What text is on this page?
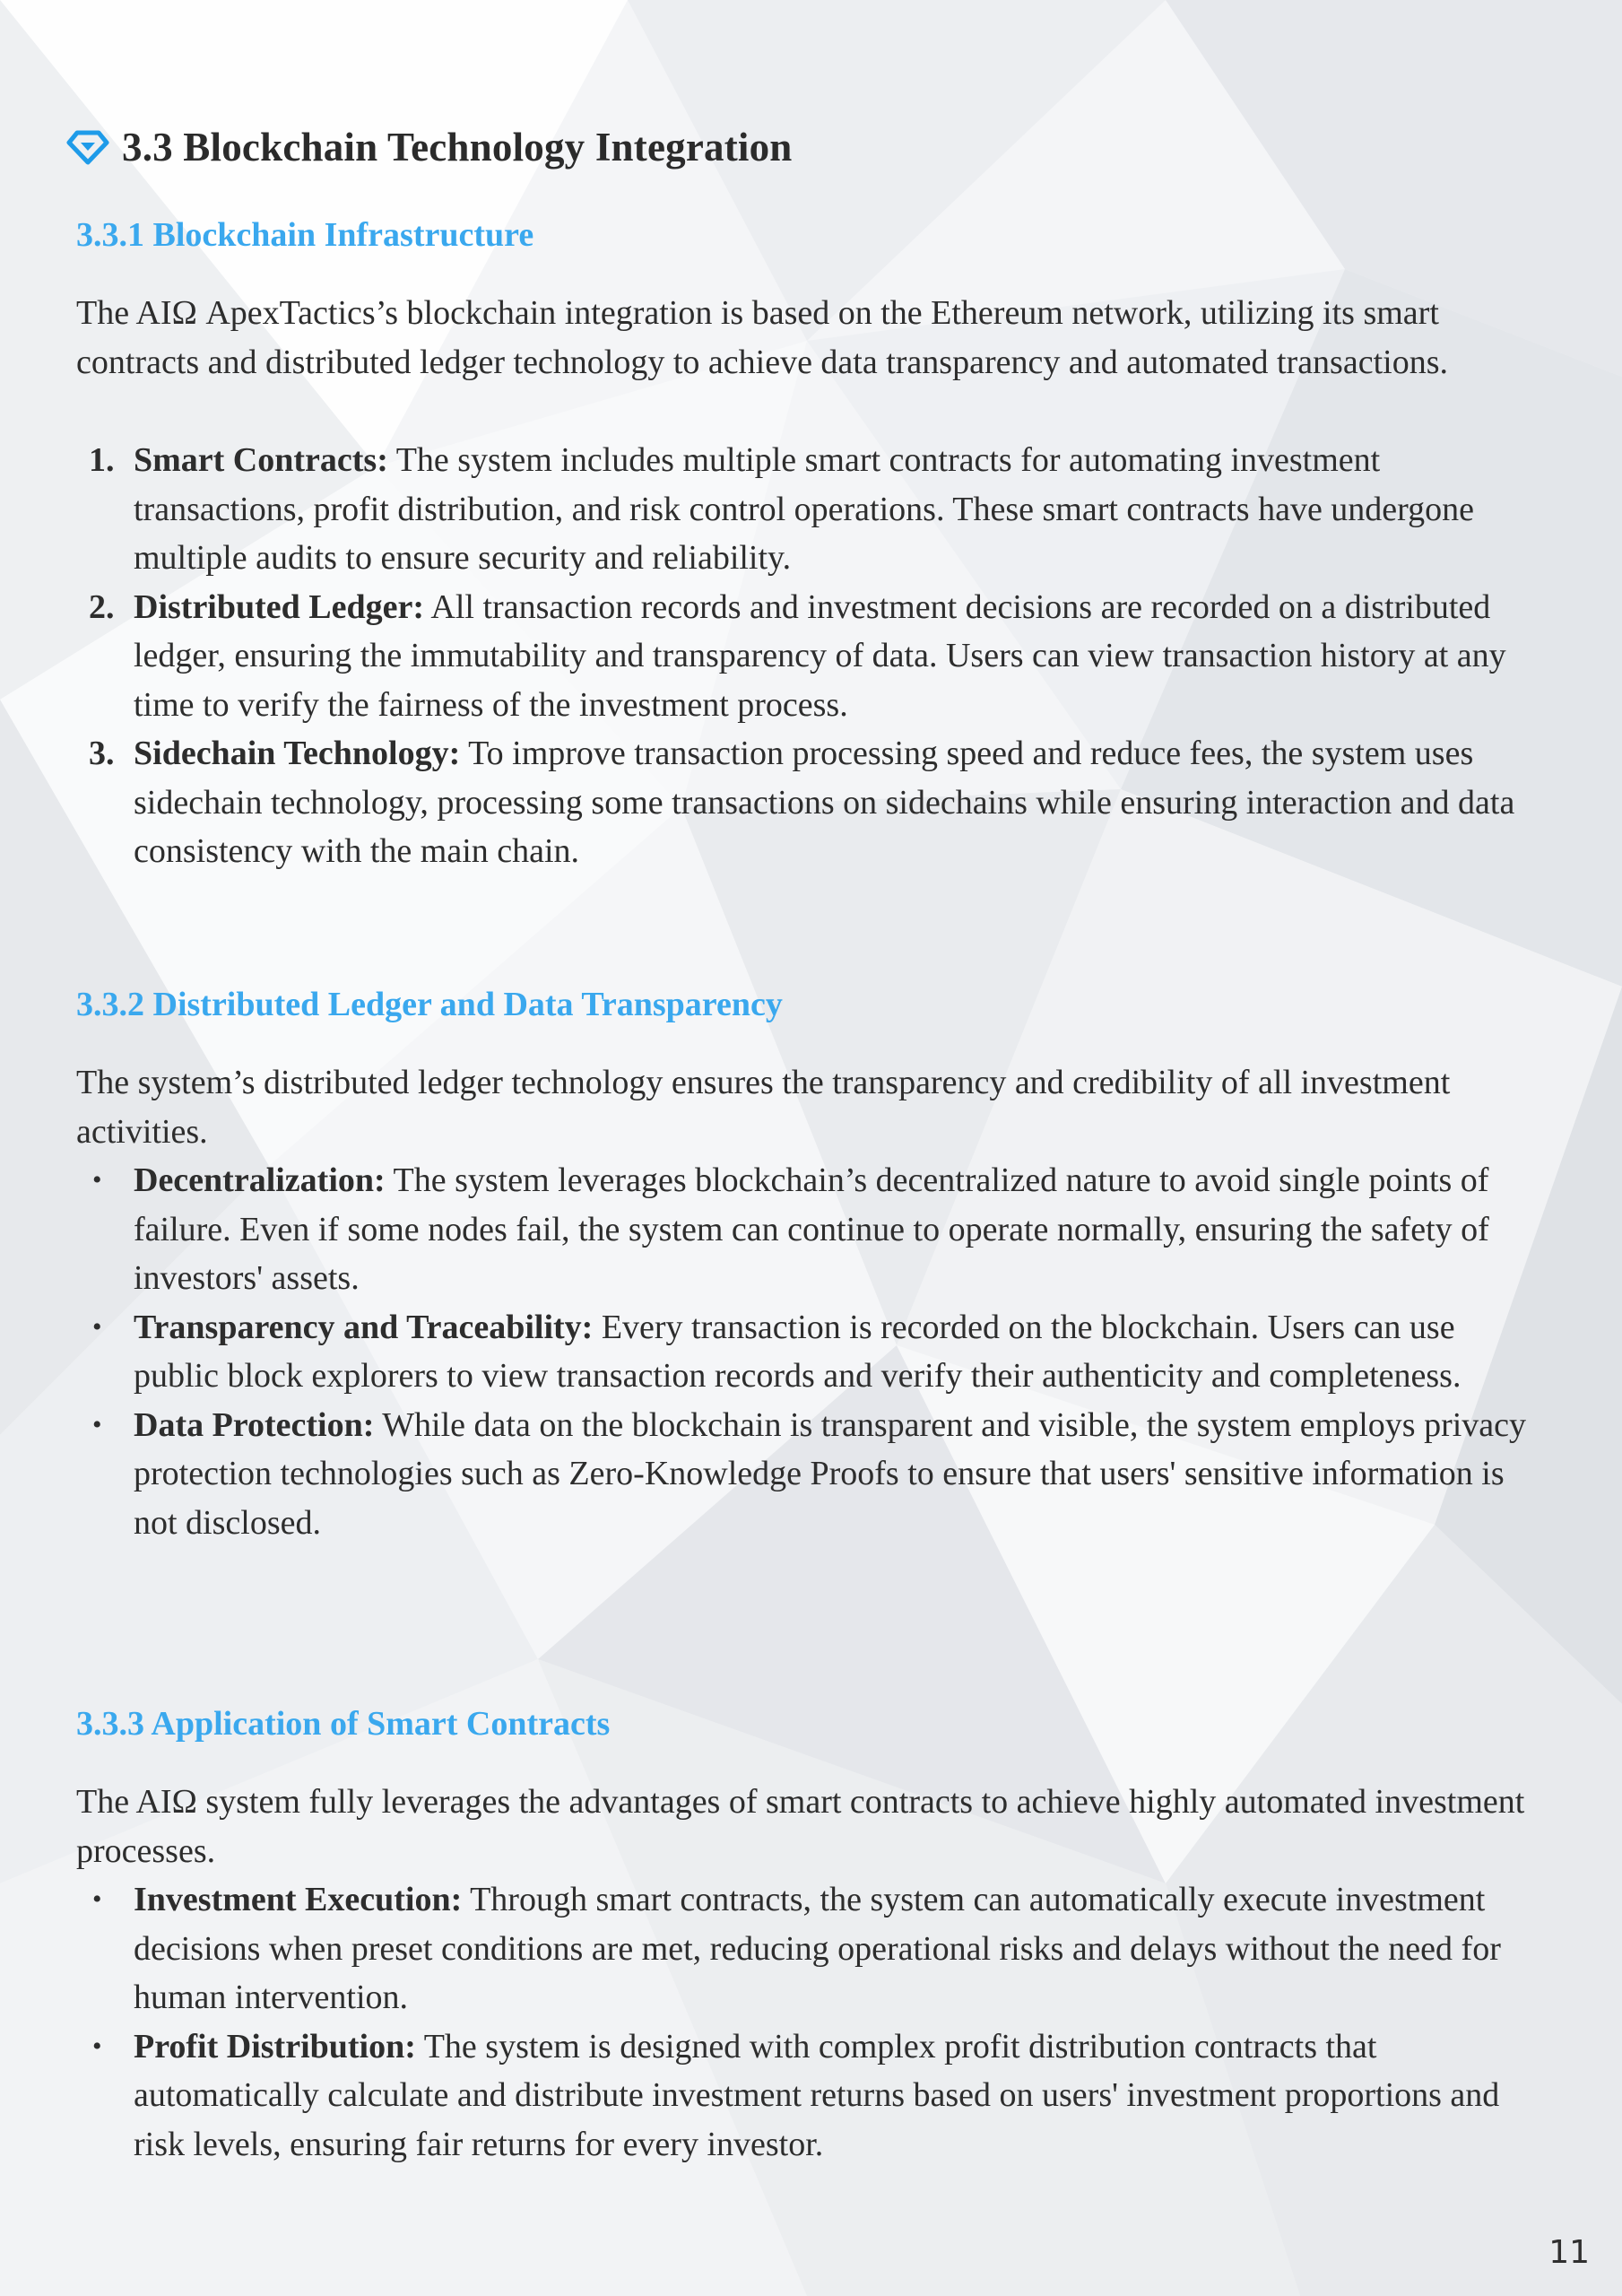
3.3 Blockchain Technology Integration
3.3.1 Blockchain Infrastructure
The AIΩ ApexTactics’s blockchain integration is based on the Ethereum network, utilizing its smart contracts and distributed ledger technology to achieve data transparency and automated transactions.
1. Smart Contracts: The system includes multiple smart contracts for automating investment transactions, profit distribution, and risk control operations. These smart contracts have undergone multiple audits to ensure security and reliability.
2. Distributed Ledger: All transaction records and investment decisions are recorded on a distributed ledger, ensuring the immutability and transparency of data. Users can view transaction history at any time to verify the fairness of the investment process.
3. Sidechain Technology: To improve transaction processing speed and reduce fees, the system uses sidechain technology, processing some transactions on sidechains while ensuring interaction and data consistency with the main chain.
3.3.2 Distributed Ledger and Data Transparency
The system’s distributed ledger technology ensures the transparency and credibility of all investment activities.
• Decentralization: The system leverages blockchain’s decentralized nature to avoid single points of failure. Even if some nodes fail, the system can continue to operate normally, ensuring the safety of investors' assets.
• Transparency and Traceability: Every transaction is recorded on the blockchain. Users can use public block explorers to view transaction records and verify their authenticity and completeness.
• Data Protection: While data on the blockchain is transparent and visible, the system employs privacy protection technologies such as Zero-Knowledge Proofs to ensure that users' sensitive information is not disclosed.
3.3.3 Application of Smart Contracts
The AIΩ system fully leverages the advantages of smart contracts to achieve highly automated investment processes.
• Investment Execution: Through smart contracts, the system can automatically execute investment decisions when preset conditions are met, reducing operational risks and delays without the need for human intervention.
• Profit Distribution: The system is designed with complex profit distribution contracts that automatically calculate and distribute investment returns based on users' investment proportions and risk levels, ensuring fair returns for every investor.
11
